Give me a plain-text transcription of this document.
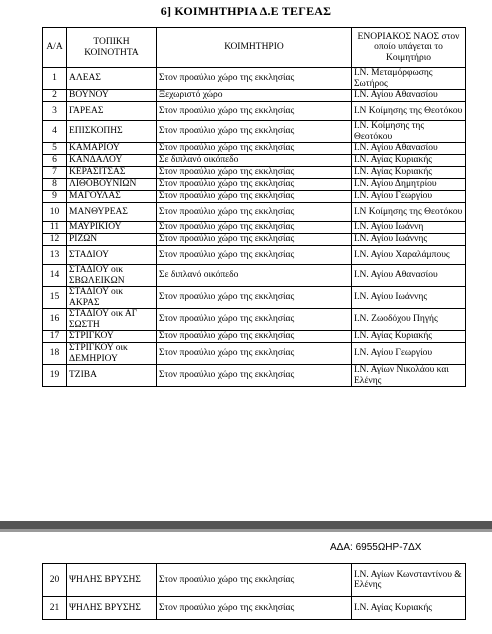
6] ΚΟΙΜΗΤΗΡΙΑ Δ.Ε ΤΕΓΕΑΣ
Α/Α	ΤΟΠΙΚΗ ΚΟΙΝΟΤΗΤΑ	ΚΟΙΜΗΤΗΡΙΟ	ΕΝΟΡΙΑΚΟΣ ΝΑΟΣ στον οποίο υπάγεται το Κοιμητήριο
1	ΑΛΕΑΣ	Στον προαύλιο χώρο της εκκλησίας	Ι.Ν. Μεταμόρφωσης Σωτήρος
2	ΒΟΥΝΟΥ	Ξεχωριστό χώρο	Ι.Ν. Αγίου Αθανασίου
3	ΓΑΡΕΑΣ	Στον προαύλιο χώρο της εκκλησίας	Ι.Ν Κοίμησης της Θεοτόκου
4	ΕΠΙΣΚΟΠΗΣ	Στον προαύλιο χώρο της εκκλησίας	Ι.Ν. Κοίμησης της Θεοτόκου
5	ΚΑΜΑΡΙΟΥ	Στον προαύλιο χώρο της εκκλησίας	Ι.Ν. Αγίου Αθανασίου
6	ΚΑΝΔΑΛΟΥ	Σε διπλανό οικόπεδο	Ι.Ν. Αγίας Κυριακής
7	ΚΕΡΑΣΙΤΣΑΣ	Στον προαύλιο χώρο της εκκλησίας	Ι.Ν. Αγίας Κυριακής
8	ΛΙΘΟΒΟΥΝΙΩΝ	Στον προαύλιο χώρο της εκκλησίας	Ι.Ν. Αγίου Δημητρίου
9	ΜΑΓΟΥΛΑΣ	Στον προαύλιο χώρο της εκκλησίας	Ι.Ν. Αγίου Γεωργίου
10	ΜΑΝΘΥΡΕΑΣ	Στον προαύλιο χώρο της εκκλησίας	Ι.Ν Κοίμησης της Θεοτόκου
11	ΜΑΥΡΙΚΙΟΥ	Στον προαύλιο χώρο της εκκλησίας	Ι.Ν. Αγίου Ιωάννη
12	ΡΙΖΩΝ	Στον προαύλιο χώρο της εκκλησίας	Ι.Ν. Αγίου Ιωάννης
13	ΣΤΑΔΙΟΥ	Στον προαύλιο χώρο της εκκλησίας	Ι.Ν. Αγίου Χαραλάμπους
14	ΣΤΑΔΙΟΥ οικ ΣΒΩΛΕΙΚΩΝ	Σε διπλανό οικόπεδο	Ι.Ν. Αγίου Αθανασίου
15	ΣΤΑΔΙΟΥ οικ ΑΚΡΑΣ	Στον προαύλιο χώρο της εκκλησίας	Ι.Ν. Αγίου Ιωάννης
16	ΣΤΑΔΙΟΥ οικ ΑΓ ΣΩΣΤΗ	Στον προαύλιο χώρο της εκκλησίας	Ι.Ν. Ζωοδόχου Πηγής
17	ΣΤΡΙΓΚΟΥ	Στον προαύλιο χώρο της εκκλησίας	Ι.Ν. Αγίας Κυριακής
18	ΣΤΡΙΓΚΟΥ οικ ΔΕΜΗΡΙΟΥ	Στον προαύλιο χώρο της εκκλησίας	Ι.Ν. Αγίου Γεωργίου
19	ΤΖΙΒΑ	Στον προαύλιο χώρο της εκκλησίας	Ι.Ν. Αγίων Νικολάου και Ελένης
ΑΔΑ: 6955ΩΗΡ-7ΔΧ
20	ΨΗΛΗΣ ΒΡΥΣΗΣ	Στον προαύλιο χώρο της εκκλησίας	Ι.Ν. Αγίων Κωνσταντίνου & Ελένης
21	ΨΗΛΗΣ ΒΡΥΣΗΣ	Στον προαύλιο χώρο της εκκλησίας	Ι.Ν. Αγίας Κυριακής
